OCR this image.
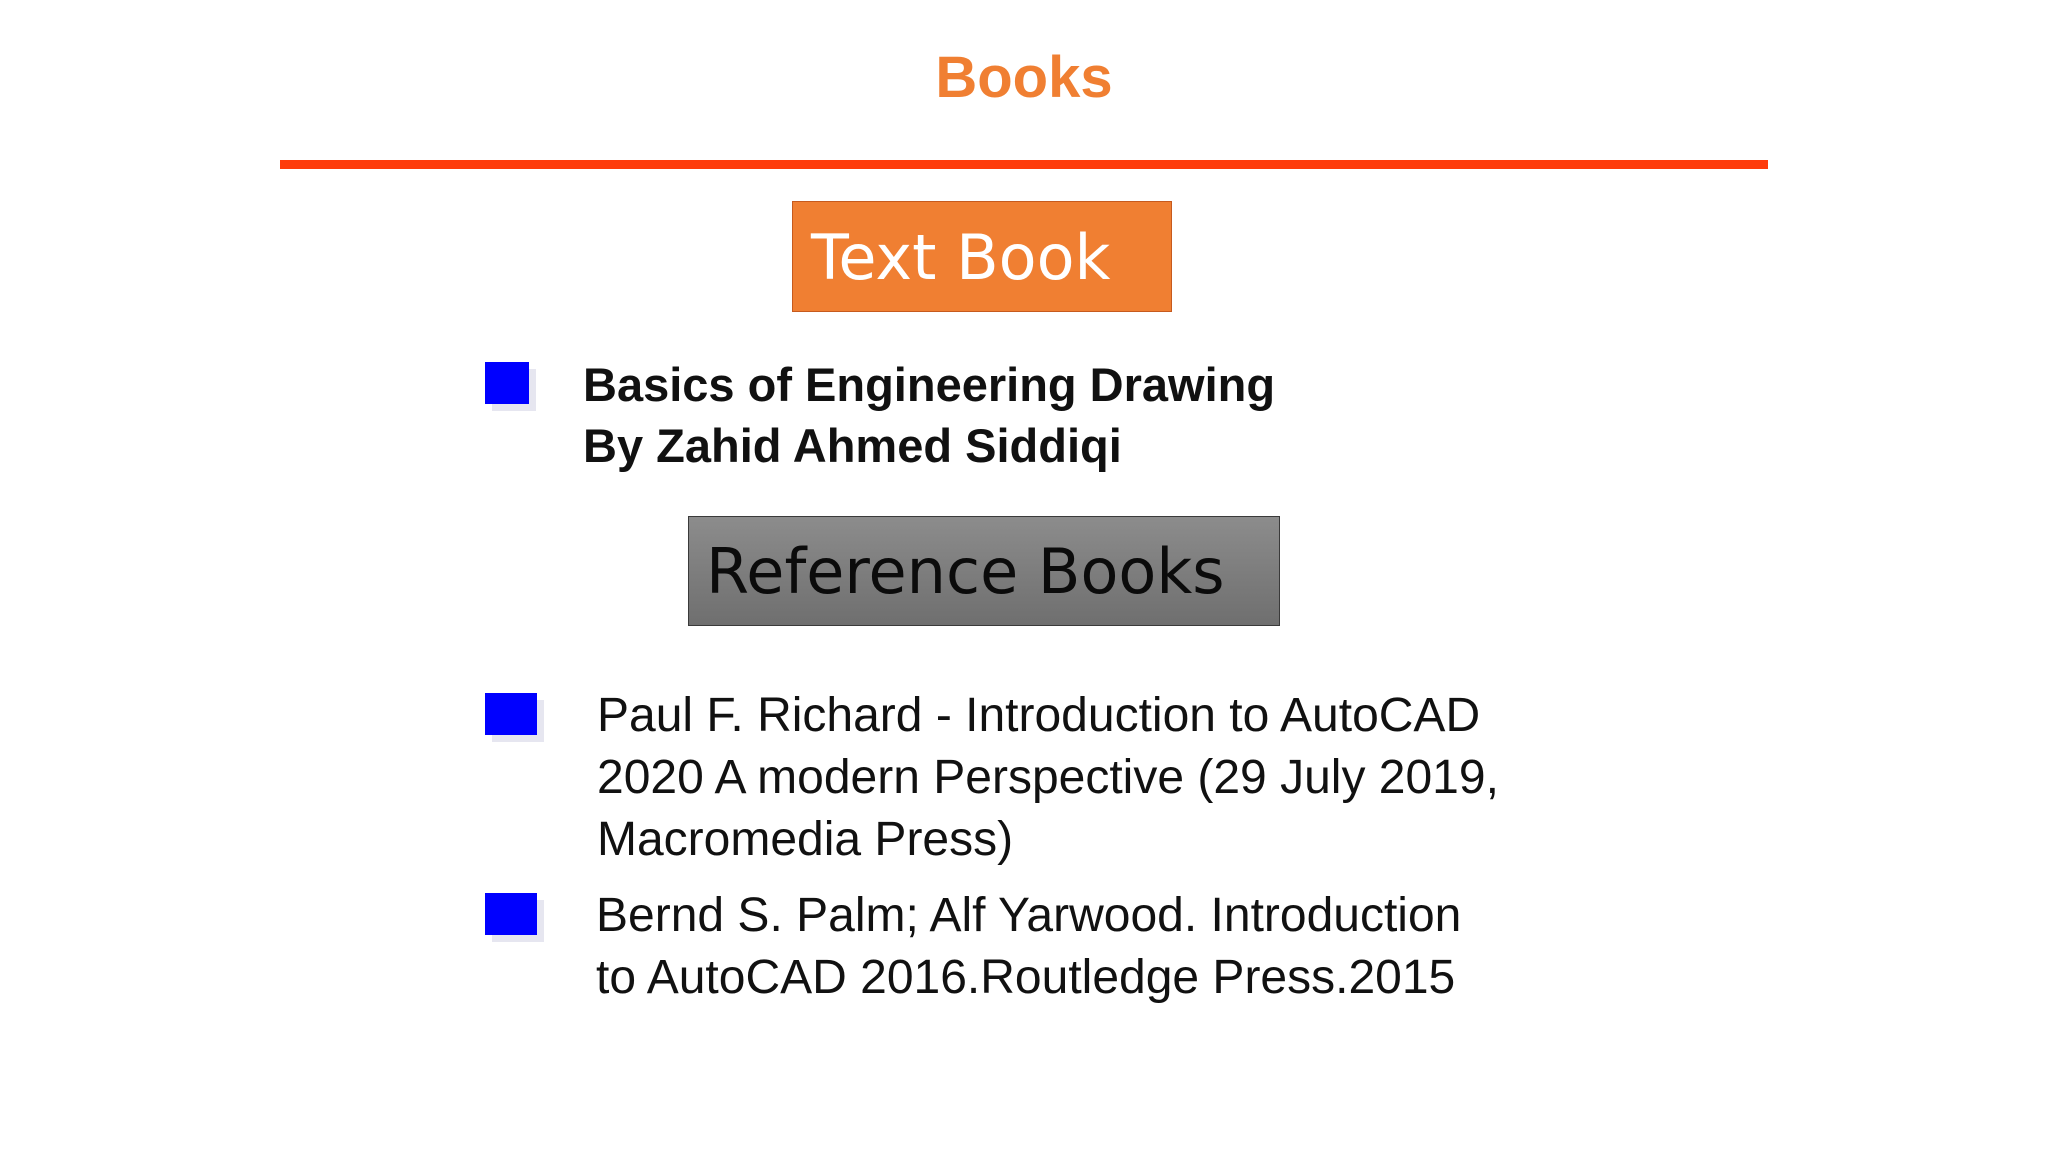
Books
Text Book
Basics of Engineering Drawing
By Zahid Ahmed Siddiqi
Reference Books
Paul F. Richard - Introduction to AutoCAD
2020 A modern Perspective (29 July 2019,
Macromedia Press)
Bernd S. Palm; Alf Yarwood. Introduction
to AutoCAD 2016.Routledge Press.2015
